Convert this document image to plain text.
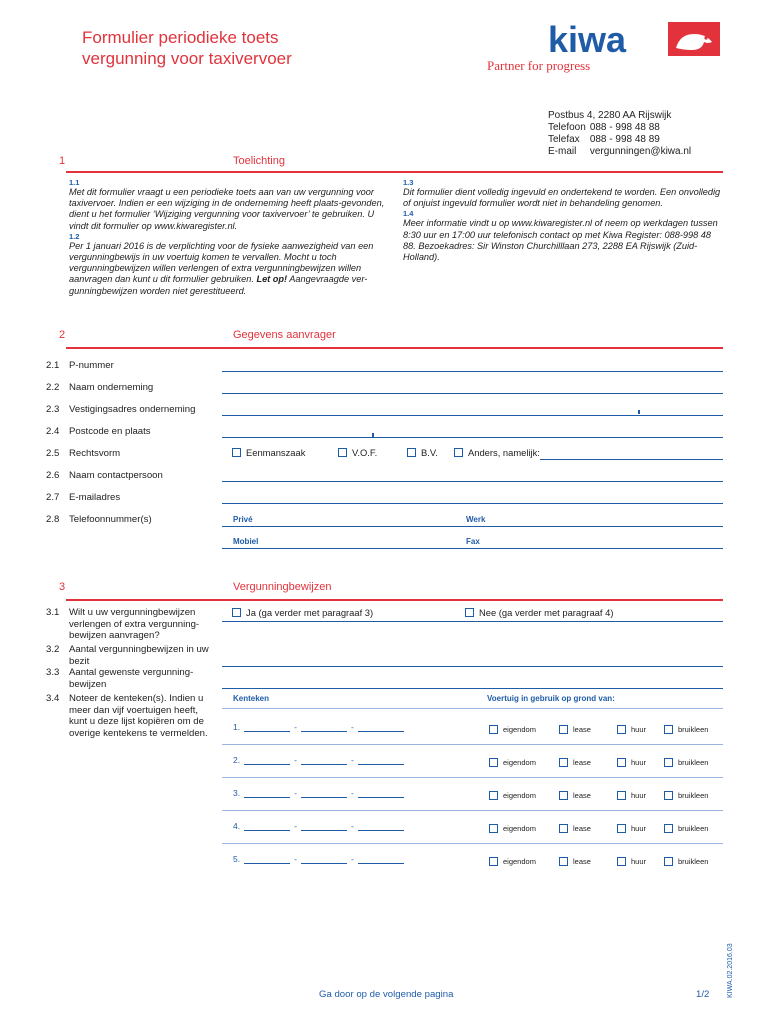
Formulier periodieke toets
vergunning voor taxivervoer	kiwa
Partner for progress
Postbus 4, 2280 AA Rijswijk
Telefoon	088 - 998 48 88
Telefax	088 - 998 48 89
E-mail	vergunningen@kiwa.nl
1	Toelichting
1.1
Met dit formulier vraagt u een periodieke toets aan van uw vergunning voor taxivervoer. Indien er een wijziging in de onderneming heeft plaats-gevonden, dient u het formulier ‘Wijziging vergunning voor taxivervoer’ te gebruiken. U vindt dit formulier op www.kiwaregister.nl.
1.2
Per 1 januari 2016 is de verplichting voor de fysieke aanwezigheid van een vergunningbewijs in uw voertuig komen te vervallen. Mocht u toch vergunningbewijzen willen verlengen of extra vergunningbewijzen willen aanvragen dan kunt u dit formulier gebruiken. Let op! Aangevraagde ver-gunningbewijzen worden niet gerestitueerd.
1.3
Dit formulier dient volledig ingevuld en ondertekend te worden. Een onvolledig of onjuist ingevuld formulier wordt niet in behandeling genomen.
1.4
Meer informatie vindt u op www.kiwaregister.nl of neem op werkdagen tussen 8:30 uur en 17:00 uur telefonisch contact op met Kiwa Register: 088-998 48 88. Bezoekadres: Sir Winston Churchilllaan 273, 2288 EA Rijswijk (Zuid-Holland).
2	Gegevens aanvrager
2.1 P-nummer
2.2 Naam onderneming
2.3 Vestigingsadres onderneming
2.4 Postcode en plaats
2.5 Rechtsvorm	Eenmanszaak	V.O.F.	B.V.	Anders, namelijk:
2.6 Naam contactpersoon
2.7 E-mailadres
2.8 Telefoonnummer(s)	Privé	Werk
Mobiel	Fax
3	Vergunningbewijzen
3.1 Wilt u uw vergunningbewijzen verlengen of extra vergunning-bewijzen aanvragen?
Ja (ga verder met paragraaf 3)	Nee (ga verder met paragraaf 4)
3.2 Aantal vergunningbewijzen in uw bezit
3.3 Aantal gewenste vergunning-bewijzen
3.4 Noteer de kenteken(s). Indien u meer dan vijf voertuigen heeft, kunt u deze lijst kopiëren om de overige kentekens te vermelden.
Kenteken	Voertuig in gebruik op grond van:
1.	-	-	eigendom	lease	huur	bruikleen
2.	-	-	eigendom	lease	huur	bruikleen
3.	-	-	eigendom	lease	huur	bruikleen
4.	-	-	eigendom	lease	huur	bruikleen
5.	-	-	eigendom	lease	huur	bruikleen
Ga door op de volgende pagina	1/2	KIWA.02.2016.03
